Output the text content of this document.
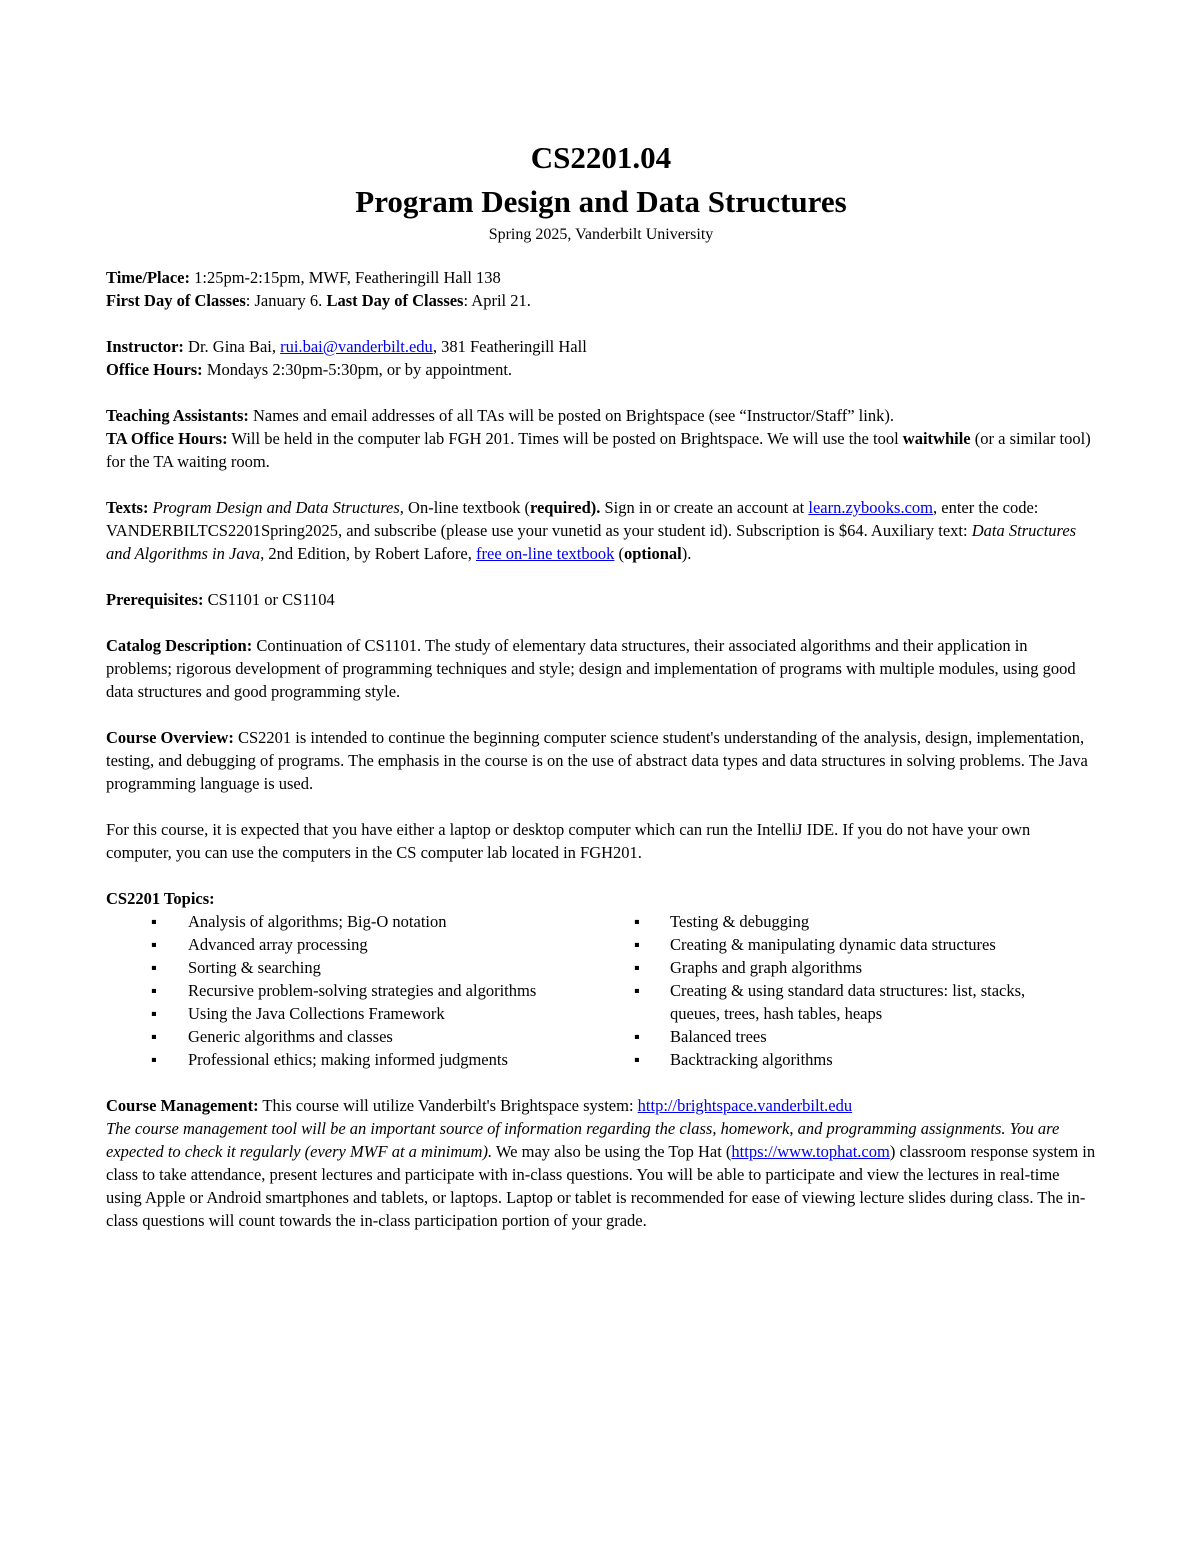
CS2201.04
Program Design and Data Structures
Spring 2025, Vanderbilt University

Time/Place: 1:25pm-2:15pm, MWF, Featheringill Hall 138
First Day of Classes: January 6. Last Day of Classes: April 21.

Instructor: Dr. Gina Bai, rui.bai@vanderbilt.edu, 381 Featheringill Hall
Office Hours: Mondays 2:30pm-5:30pm, or by appointment.

Teaching Assistants: Names and email addresses of all TAs will be posted on Brightspace (see “Instructor/Staff” link).
TA Office Hours: Will be held in the computer lab FGH 201. Times will be posted on Brightspace. We will use the tool waitwhile (or a similar tool) for the TA waiting room.

Texts: Program Design and Data Structures, On-line textbook (required). Sign in or create an account at learn.zybooks.com, enter the code: VANDERBILTCS2201Spring2025, and subscribe (please use your vunetid as your student id). Subscription is $64. Auxiliary text: Data Structures and Algorithms in Java, 2nd Edition, by Robert Lafore, free on-line textbook (optional).

Prerequisites: CS1101 or CS1104

Catalog Description: Continuation of CS1101. The study of elementary data structures, their associated algorithms and their application in problems; rigorous development of programming techniques and style; design and implementation of programs with multiple modules, using good data structures and good programming style.

Course Overview: CS2201 is intended to continue the beginning computer science student's understanding of the analysis, design, implementation, testing, and debugging of programs. The emphasis in the course is on the use of abstract data types and data structures in solving problems. The Java programming language is used.

For this course, it is expected that you have either a laptop or desktop computer which can run the IntelliJ IDE. If you do not have your own computer, you can use the computers in the CS computer lab located in FGH201.

CS2201 Topics:

▪ Analysis of algorithms; Big-O notation
▪ Advanced array processing
▪ Sorting & searching
▪ Recursive problem-solving strategies and algorithms
▪ Using the Java Collections Framework
▪ Generic algorithms and classes
▪ Professional ethics; making informed judgments
▪ Testing & debugging
▪ Creating & manipulating dynamic data structures
▪ Graphs and graph algorithms
▪ Creating & using standard data structures: list, stacks, queues, trees, hash tables, heaps
▪ Balanced trees
▪ Backtracking algorithms

Course Management: This course will utilize Vanderbilt's Brightspace system: http://brightspace.vanderbilt.edu
The course management tool will be an important source of information regarding the class, homework, and programming assignments. You are expected to check it regularly (every MWF at a minimum). We may also be using the Top Hat (https://www.tophat.com) classroom response system in class to take attendance, present lectures and participate with in-class questions. You will be able to participate and view the lectures in real-time using Apple or Android smartphones and tablets, or laptops. Laptop or tablet is recommended for ease of viewing lecture slides during class. The in-class questions will count towards the in-class participation portion of your grade.
